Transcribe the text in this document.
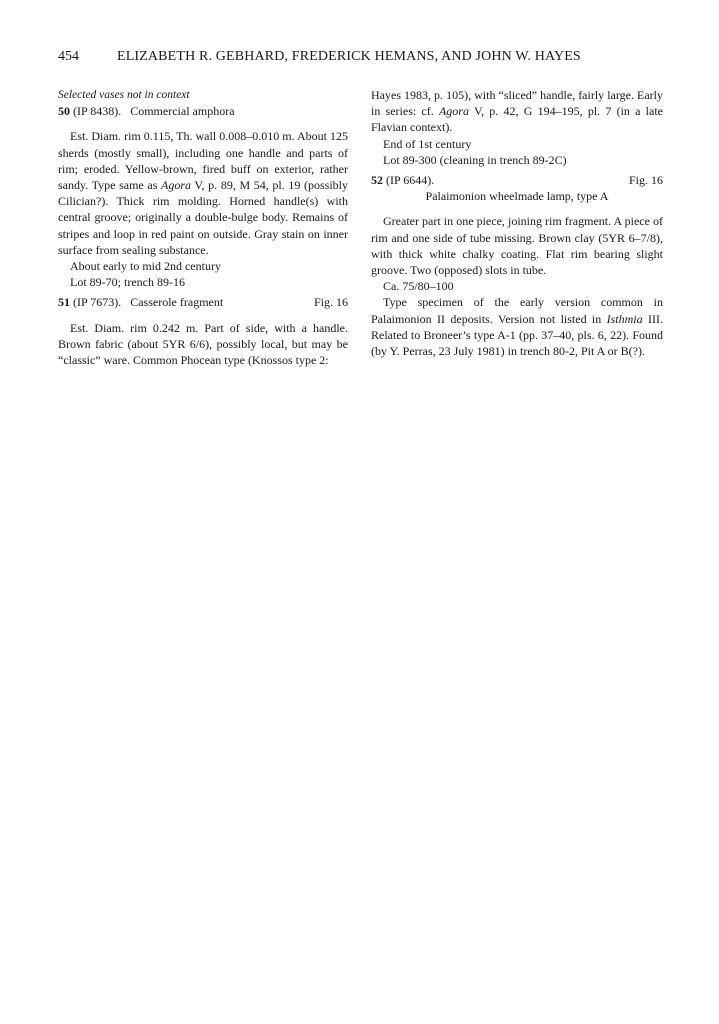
454	ELIZABETH R. GEBHARD, FREDERICK HEMANS, AND JOHN W. HAYES

Selected vases not in context

50 (IP 8438). Commercial amphora

Est. Diam. rim 0.115, Th. wall 0.008–0.010 m. About 125 sherds (mostly small), including one handle and parts of rim; eroded. Yellow-brown, fired buff on exterior, rather sandy. Type same as Agora V, p. 89, M 54, pl. 19 (possibly Cilician?). Thick rim molding. Horned handle(s) with central groove; originally a double-bulge body. Remains of stripes and loop in red paint on outside. Gray stain on inner surface from sealing substance.

About early to mid 2nd century

Lot 89-70; trench 89-16

51 (IP 7673). Casserole fragment	Fig. 16

Est. Diam. rim 0.242 m. Part of side, with a handle. Brown fabric (about 5YR 6/6), possibly local, but may be “classic” ware. Common Phocean type (Knossos type 2:

Hayes 1983, p. 105), with “sliced” handle, fairly large. Early in series: cf. Agora V, p. 42, G 194–195, pl. 7 (in a late Flavian context).

End of 1st century

Lot 89-300 (cleaning in trench 89-2C)

52 (IP 6644).	Fig. 16

Palaimonion wheelmade lamp, type A

Greater part in one piece, joining rim fragment. A piece of rim and one side of tube missing. Brown clay (5YR 6–7/8), with thick white chalky coating. Flat rim bearing slight groove. Two (opposed) slots in tube.

Ca. 75/80–100

Type specimen of the early version common in Palaimonion II deposits. Version not listed in Isthmia III. Related to Broneer’s type A-1 (pp. 37–40, pls. 6, 22). Found (by Y. Perras, 23 July 1981) in trench 80-2, Pit A or B(?).
